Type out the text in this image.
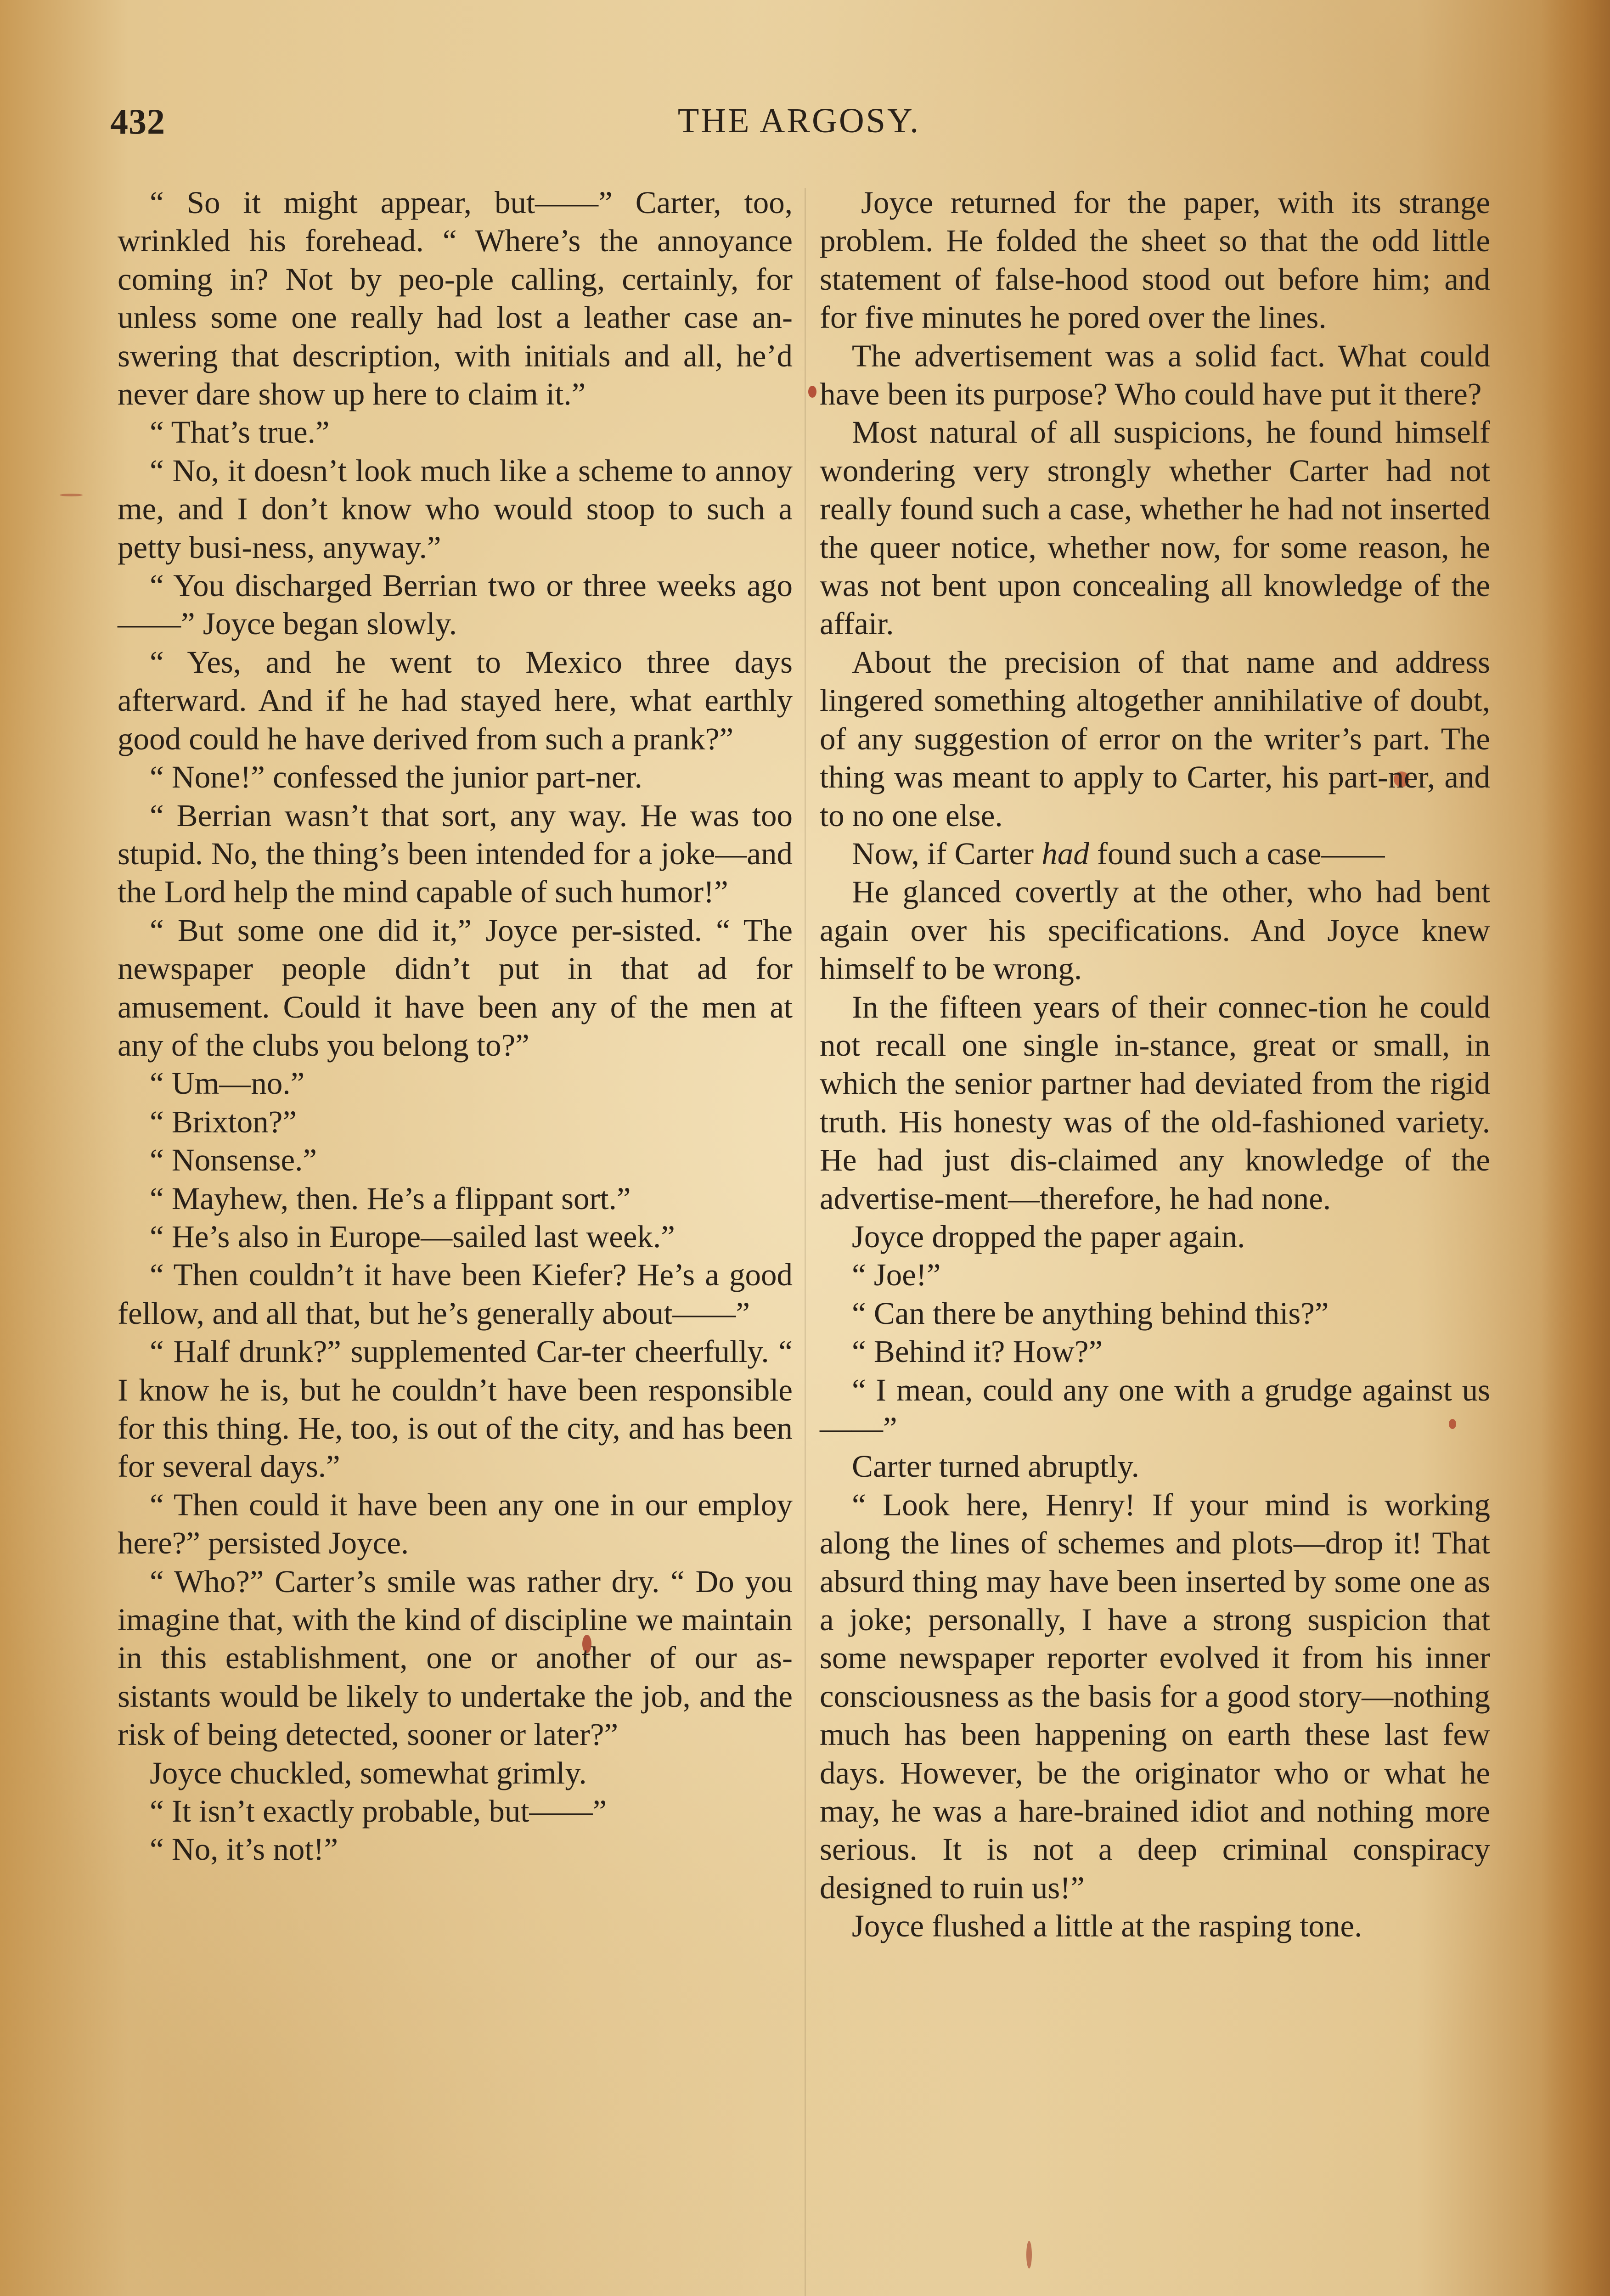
432	THE ARGOSY.

“ So it might appear, but——” Carter, too, wrinkled his forehead. “ Where’s the annoyance coming in? Not by peo-ple calling, certainly, for unless some one really had lost a leather case an-swering that description, with initials and all, he’d never dare show up here to claim it.”

“ That’s true.”

“ No, it doesn’t look much like a scheme to annoy me, and I don’t know who would stoop to such a petty busi-ness, anyway.”

“ You discharged Berrian two or three weeks ago——” Joyce began slowly.

“ Yes, and he went to Mexico three days afterward. And if he had stayed here, what earthly good could he have derived from such a prank?”

“ None!” confessed the junior part-ner.

“ Berrian wasn’t that sort, any way. He was too stupid. No, the thing’s been intended for a joke—and the Lord help the mind capable of such humor!”

“ But some one did it,” Joyce per-sisted. “ The newspaper people didn’t put in that ad for amusement. Could it have been any of the men at any of the clubs you belong to?”

“ Um—no.”

“ Brixton?”

“ Nonsense.”

“ Mayhew, then. He’s a flippant sort.”

“ He’s also in Europe—sailed last week.”

“ Then couldn’t it have been Kiefer? He’s a good fellow, and all that, but he’s generally about——”

“ Half drunk?” supplemented Car-ter cheerfully. “ I know he is, but he couldn’t have been responsible for this thing. He, too, is out of the city, and has been for several days.”

“ Then could it have been any one in our employ here?” persisted Joyce.

“ Who?” Carter’s smile was rather dry. “ Do you imagine that, with the kind of discipline we maintain in this establishment, one or another of our as-sistants would be likely to undertake the job, and the risk of being detected, sooner or later?”

Joyce chuckled, somewhat grimly.

“ It isn’t exactly probable, but——”

“ No, it’s not!”

Joyce returned for the paper, with its strange problem. He folded the sheet so that the odd little statement of false-hood stood out before him; and for five minutes he pored over the lines.

The advertisement was a solid fact. What could have been its purpose? Who could have put it there?

Most natural of all suspicions, he found himself wondering very strongly whether Carter had not really found such a case, whether he had not inserted the queer notice, whether now, for some reason, he was not bent upon concealing all knowledge of the affair.

About the precision of that name and address lingered something altogether annihilative of doubt, of any suggestion of error on the writer’s part. The thing was meant to apply to Carter, his part-ner, and to no one else.

Now, if Carter had found such a case——

He glanced covertly at the other, who had bent again over his specifications. And Joyce knew himself to be wrong.

In the fifteen years of their connec-tion he could not recall one single in-stance, great or small, in which the senior partner had deviated from the rigid truth. His honesty was of the old-fashioned variety. He had just dis-claimed any knowledge of the advertise-ment—therefore, he had none.

Joyce dropped the paper again.

“ Joe!”

“ Can there be anything behind this?”

“ Behind it? How?”

“ I mean, could any one with a grudge against us——”

Carter turned abruptly.

“ Look here, Henry! If your mind is working along the lines of schemes and plots—drop it! That absurd thing may have been inserted by some one as a joke; personally, I have a strong suspicion that some newspaper reporter evolved it from his inner consciousness as the basis for a good story—nothing much has been happening on earth these last few days. However, be the originator who or what he may, he was a hare-brained idiot and nothing more serious. It is not a deep criminal conspiracy designed to ruin us!”

Joyce flushed a little at the rasping tone.
